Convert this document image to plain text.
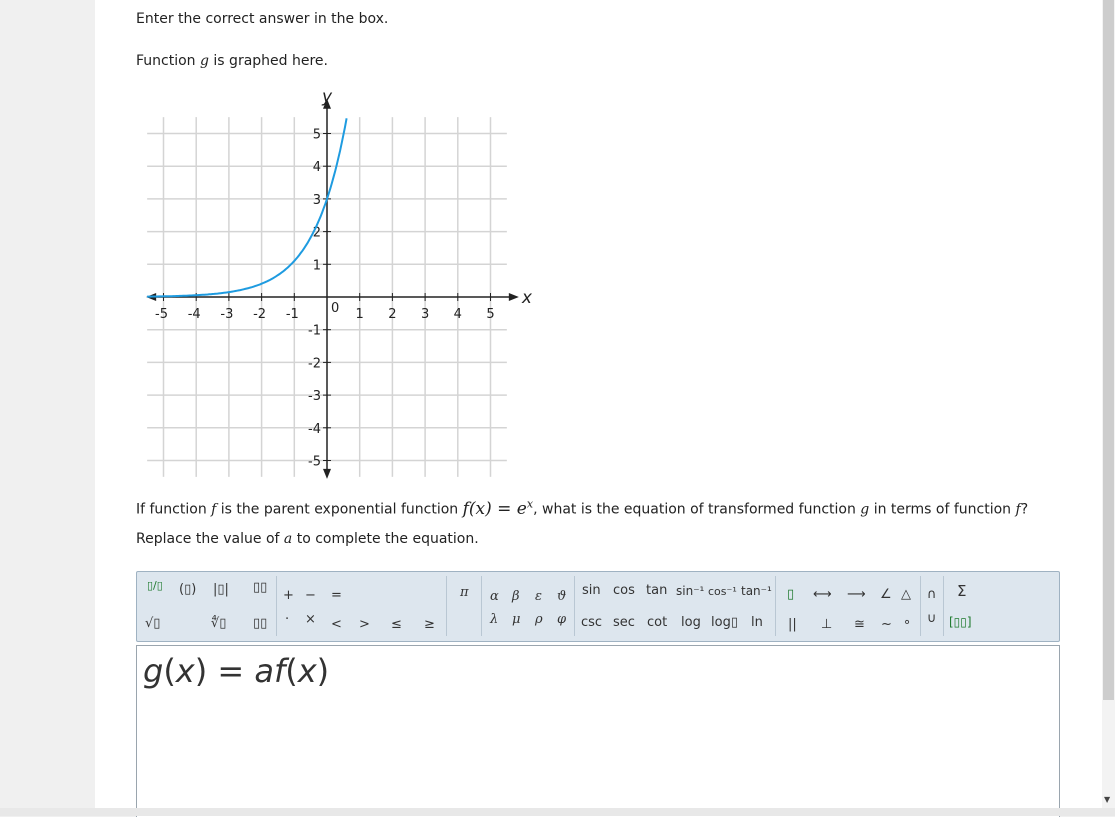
Enter the correct answer in the box.
Function g is graphed here.
-5 -4 -3 -2 -1	1 2 3 4 5
5
4
3
2
1
-1
-2
-3
-4
-5
x
y
0
If function f is the parent exponential function $f(x) = e^x$, what is the equation of transformed function g in terms of function f?
Replace the value of a to complete the equation.
▯/▯ (▯) |▯| ▯▯
√▯	∜▯ ▯▯
+ −
· ×
=
< > ≤ ≥
π α β ε ϑ
λ μ ρ φ
sin cos tan sin⁻¹ cos⁻¹ tan⁻¹
csc sec cot log log▯ ln
▯ ⟷ ⟶ ∠ △
|| ⊥ ≅ ~ ∘
∩
∪
Σ
[▯▯]
g(x) = af(x)
▼
